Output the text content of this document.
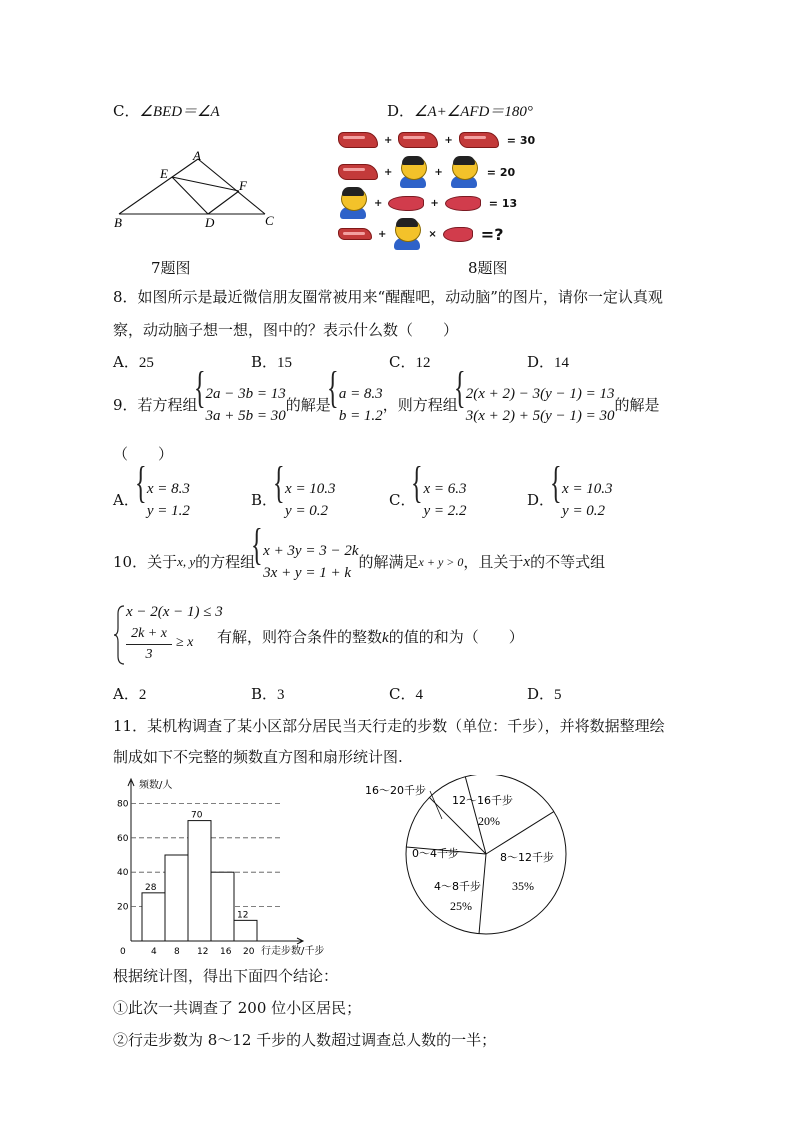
C．∠BED＝∠A	D．∠A+∠AFD＝180°
A
E
F
B	D	C
7题图
+	+	= 30
+	+	= 20
+	+	= 13
+	×	=?
8题图
8．如图所示是最近微信朋友圈常被用来“醒醒吧，动动脑”的图片，请你一定认真观
察，动动脑子想一想，图中的？表示什么数（　　）
A．25	B．15	C．12	D．14
9．若方程组
{ 2a − 3b = 13
3a + 5b = 30
的解是
{ a = 8.3
b = 1.2
，则方程组
{ 2(x + 2) − 3(y − 1) = 13
3(x + 2) + 5(y − 1) = 30
的解是
（　　）
A．
{ x = 8.3
y = 1.2
B．
{ x = 10.3
y = 0.2
C．
{ x = 6.3
y = 2.2
D．
{ x = 10.3
y = 0.2
10．关于x, y的方程组
{ x + 3y = 3 − 2k
3x + y = 1 + k
的解满足x + y > 0，且关于x的不等式组
x − 2(x − 1) ≤ 3
2k + x
3
≥ x 有解，则符合条件的整数k的值的和为（　　）
A．2	B．3	C．4	D．5
11．某机构调查了某小区部分居民当天行走的步数（单位：千步），并将数据整理绘
制成如下不完整的频数直方图和扇形统计图.
频数/人
行走步数/千步
20
40
60
80
0	4 8 12 16 20
28
70
12
16～20千步
12～16千步
20%
8～12千步
35%
4～8千步
25%
0～4千步
根据统计图，得出下面四个结论：
①此次一共调查了 200 位小区居民；
②行走步数为 8～12 千步的人数超过调查总人数的一半；
